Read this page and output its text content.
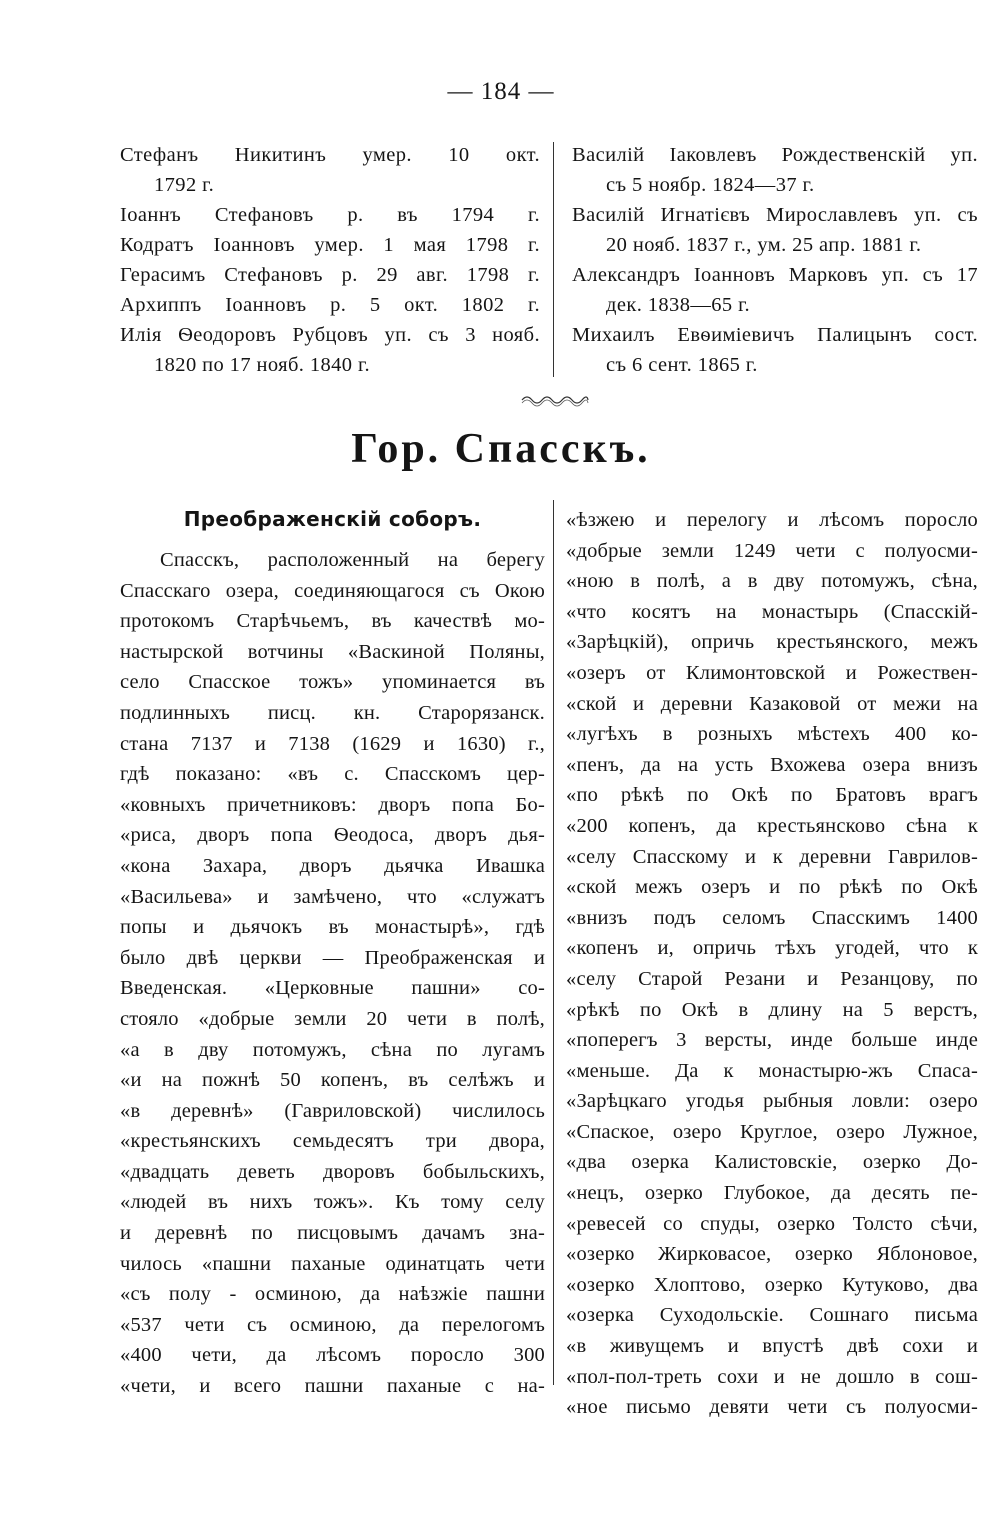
— 184 —
Стефанъ Никитинъ умер. 10 окт.
1792 г.
Іоаннъ Стефановъ р. въ 1794 г.
Кодратъ Іоанновъ умер. 1 мая 1798 г.
Герасимъ Стефановъ р. 29 авг. 1798 г.
Архиппъ Іоанновъ р. 5 окт. 1802 г.
Илія Ѳеодоровъ Рубцовъ уп. съ 3 нояб.
1820 по 17 нояб. 1840 г.
Василій Іаковлевъ Рождественскій уп.
съ 5 ноябр. 1824—37 г.
Василій Игнатієвъ Мирославлевъ уп. съ
20 нояб. 1837 г., ум. 25 апр. 1881 г.
Александръ Іоанновъ Марковъ уп. съ 17
дек. 1838—65 г.
Михаилъ Евѳиміевичъ Палицынъ сост.
съ 6 сент. 1865 г.
Гор. Спасскъ.
Преображенскій соборъ.
Спасскъ, расположенный на берегу
Спасскаго озера, соединяющагося съ Окою
протокомъ Старѣчьемъ, въ качествѣ мо-
настырской вотчины «Васкиной Поляны,
село Спасское тожъ» упоминается въ
подлинныхъ писц. кн. Старорязанск.
стана 7137 и 7138 (1629 и 1630) г.,
гдѣ показано: «въ с. Спасскомъ цер-
«ковныхъ причетниковъ: дворъ попа Бо-
«риса, дворъ попа Ѳеодоса, дворъ дья-
«кона Захара, дворъ дьячка Ивашка
«Васильева» и замѣчено, что «служатъ
попы и дьячокъ въ монастырѣ», гдѣ
было двѣ церкви — Преображенская и
Введенская. «Церковные пашни» со-
стояло «добрые земли 20 чети в полѣ,
«а в дву потомужъ, сѣна по лугамъ
«и на пожнѣ 50 копенъ, въ селѣжъ и
«в деревнѣ» (Гавриловской) числилось
«крестьянскихъ семьдесятъ три двора,
«двадцать деветь дворовъ бобыльскихъ,
«людей въ нихъ тожъ». Къ тому селу
и деревнѣ по писцовымъ дачамъ зна-
чилось «пашни паханые одинатцать чети
«съ полу - осминою, да наѣзжіе пашни
«537 чети съ осминою, да перелогомъ
«400 чети, да лѣсомъ поросло 300
«чети, и всего пашни паханые с на-
«ѣзжею и перелогу и лѣсомъ поросло
«добрые земли 1249 чети с полуосми-
«ною в полѣ, а в дву потомужъ, сѣна,
«что косятъ на монастырь (Спасскій-
«Зарѣцкій), опричь крестьянского, межъ
«озеръ от Климонтовской и Рожествен-
«ской и деревни Казаковой от межи на
«лугѣхъ в розныхъ мѣстехъ 400 ко-
«пенъ, да на усть Вхожева озера внизъ
«по рѣкѣ по Окѣ по Братовъ врагъ
«200 копенъ, да крестьянсково сѣна к
«селу Спасскому и к деревни Гаврилов-
«ской межъ озеръ и по рѣкѣ по Окѣ
«внизъ подъ селомъ Спасскимъ 1400
«копенъ и, опричь тѣхъ угодей, что к
«селу Старой Резани и Резанцову, по
«рѣкѣ по Окѣ в длину на 5 верстъ,
«поперегъ 3 версты, инде больше инде
«меньше. Да к монастырю-жъ Спаса-
«Зарѣцкаго угодья рыбныя ловли: озеро
«Спаское, озеро Круглое, озеро Лужное,
«два озерка Калистовскіе, озерко До-
«нецъ, озерко Глубокое, да десять пе-
«ревесей со спуды, озерко Толсто сѣчи,
«озерко Жирковасое, озерко Яблоновое,
«озерко Хлоптово, озерко Кутуково, два
«озерка Суходольскіе. Сошнаго письма
«в живущемъ и впустѣ двѣ сохи и
«пол-пол-треть сохи и не дошло в сош-
«ное письмо девяти чети съ полуосми-
